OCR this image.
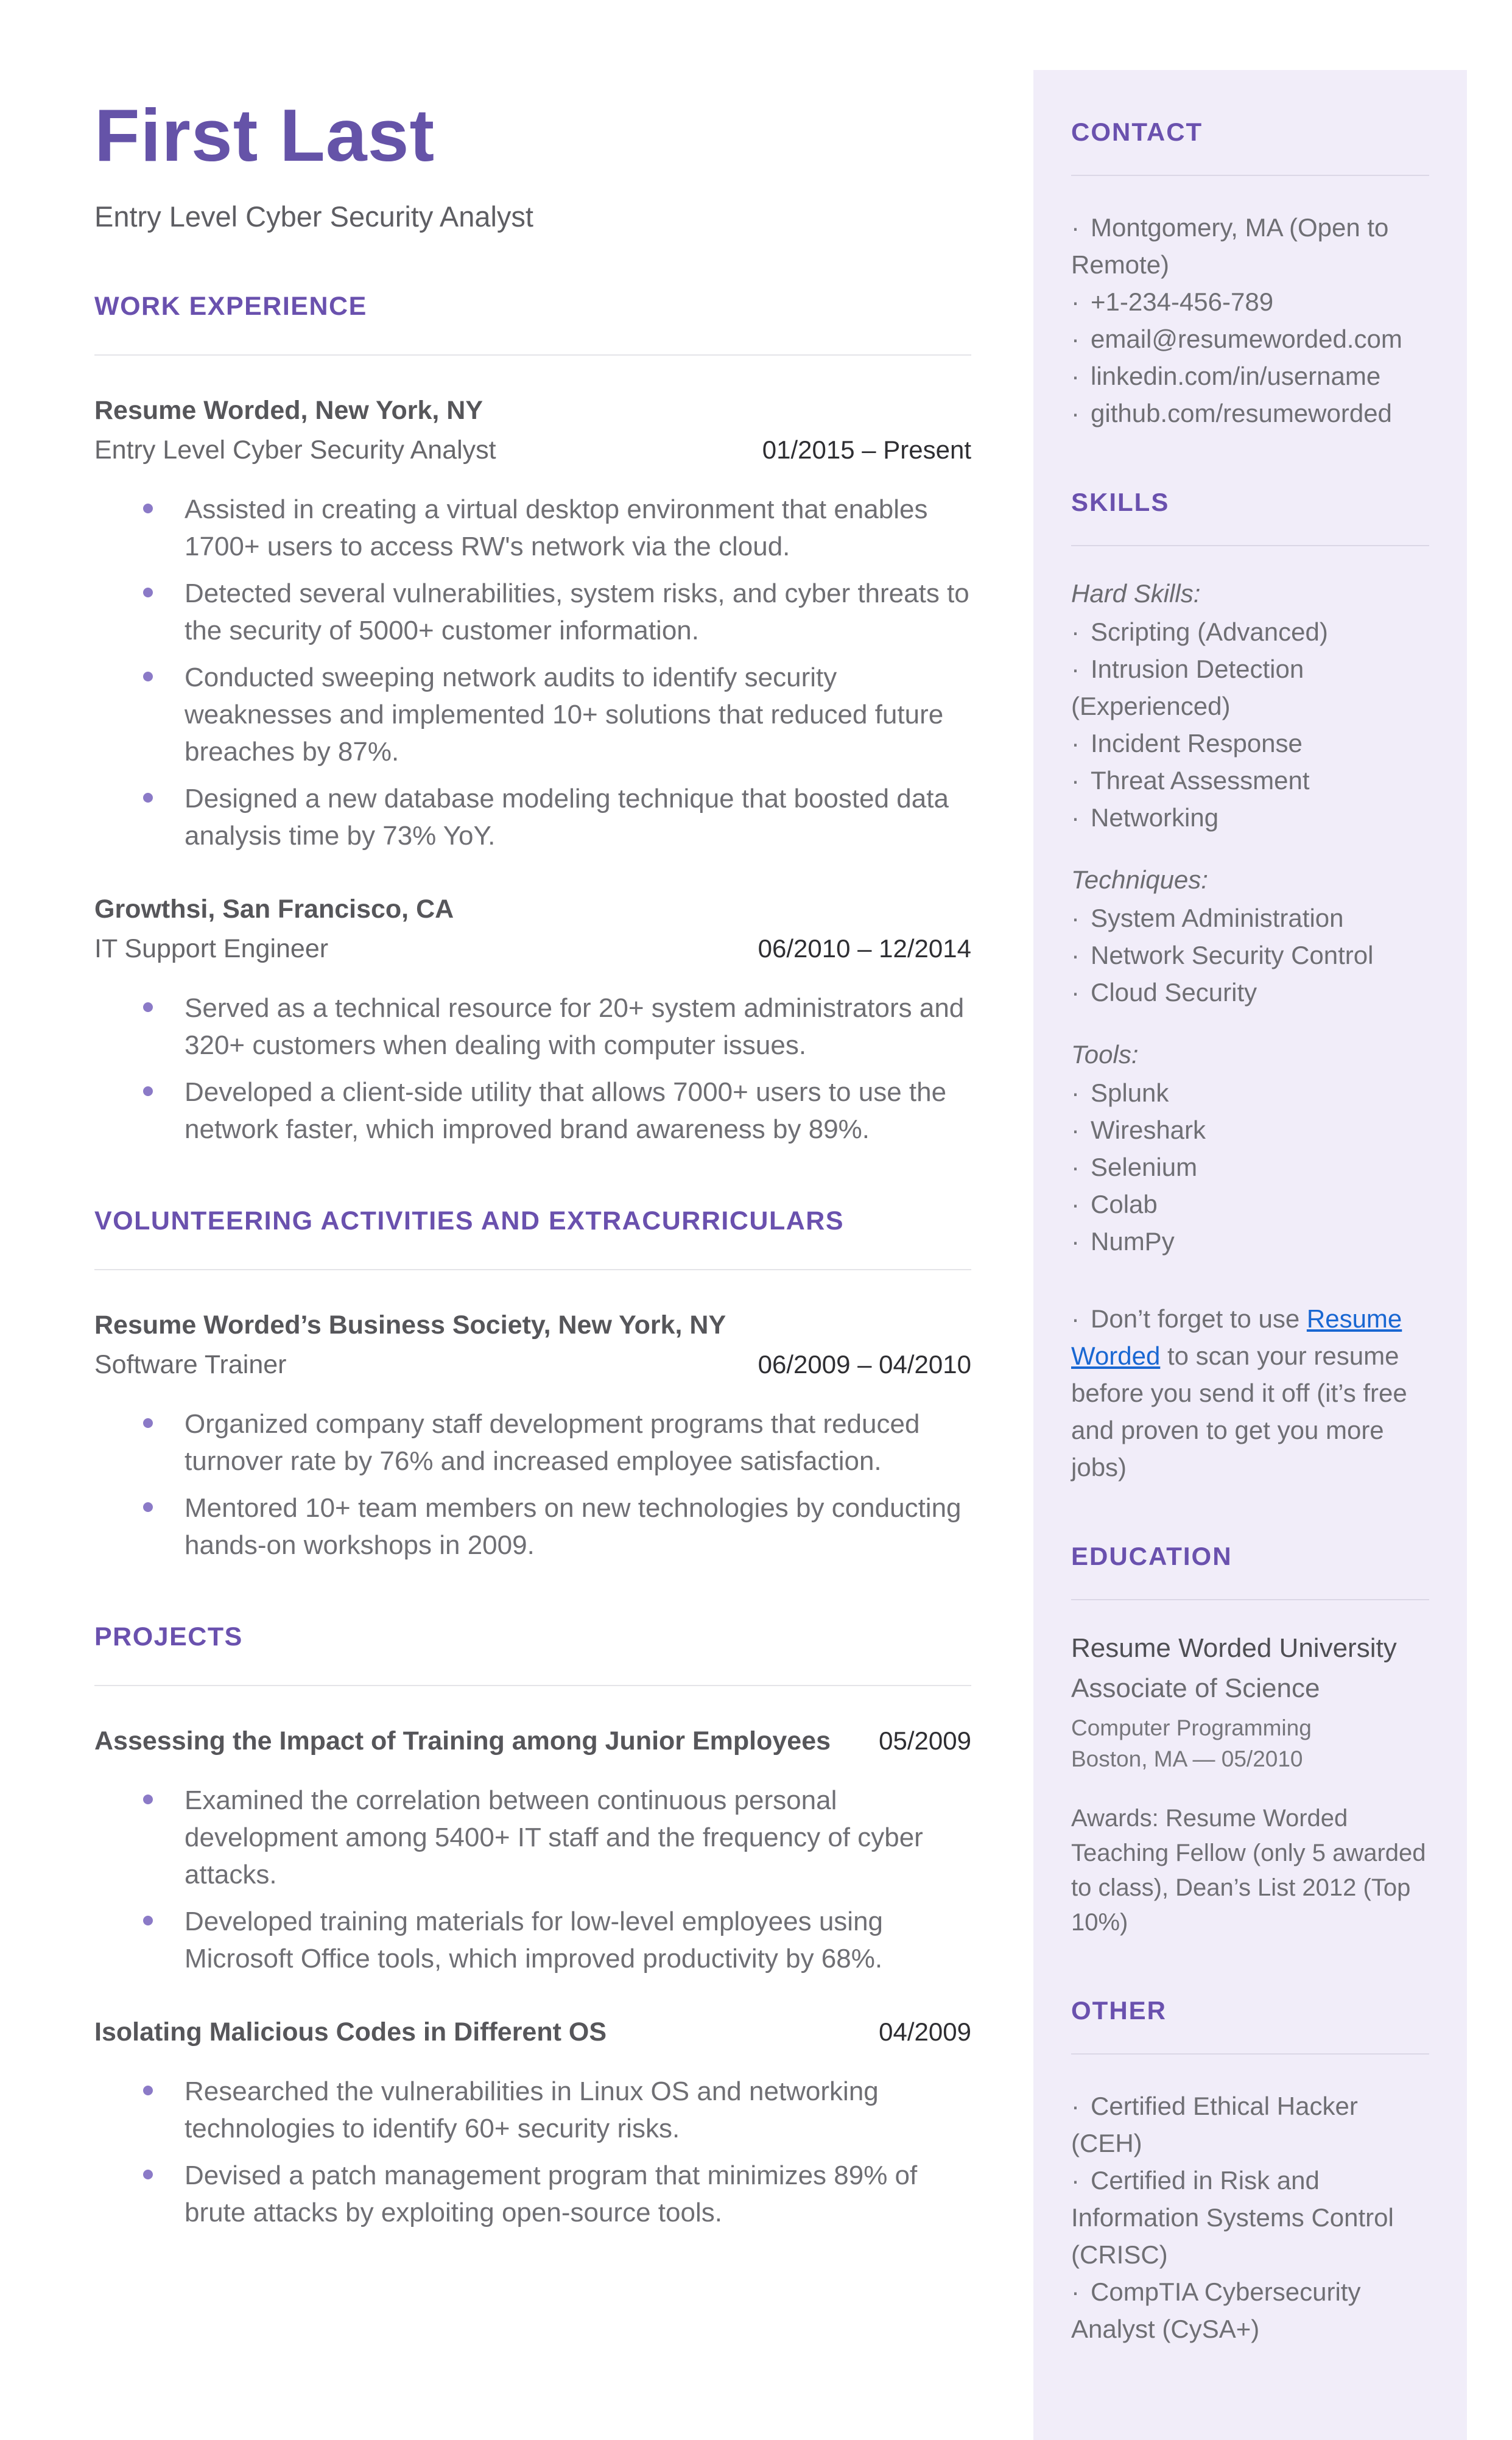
First Last
Entry Level Cyber Security Analyst
WORK EXPERIENCE
Resume Worded, New York, NY
Entry Level Cyber Security Analyst	01/2015 – Present
Assisted in creating a virtual desktop environment that enables 1700+ users to access RW's network via the cloud.
Detected several vulnerabilities, system risks, and cyber threats to the security of 5000+ customer information.
Conducted sweeping network audits to identify security weaknesses and implemented 10+ solutions that reduced future breaches by 87%.
Designed a new database modeling technique that boosted data analysis time by 73% YoY.
Growthsi, San Francisco, CA
IT Support Engineer	06/2010 – 12/2014
Served as a technical resource for 20+ system administrators and 320+ customers when dealing with computer issues.
Developed a client-side utility that allows 7000+ users to use the network faster, which improved brand awareness by 89%.
VOLUNTEERING ACTIVITIES AND EXTRACURRICULARS
Resume Worded’s Business Society, New York, NY
Software Trainer	06/2009 – 04/2010
Organized company staff development programs that reduced turnover rate by 76% and increased employee satisfaction.
Mentored 10+ team members on new technologies by conducting hands-on workshops in 2009.
PROJECTS
Assessing the Impact of Training among Junior Employees 05/2009
Examined the correlation between continuous personal development among 5400+ IT staff and the frequency of cyber attacks.
Developed training materials for low-level employees using Microsoft Office tools, which improved productivity by 68%.
Isolating Malicious Codes in Different OS	04/2009
Researched the vulnerabilities in Linux OS and networking technologies to identify 60+ security risks.
Devised a patch management program that minimizes 89% of brute attacks by exploiting open-source tools.
CONTACT
· Montgomery, MA (Open to Remote)
· +1-234-456-789
· email@resumeworded.com
· linkedin.com/in/username
· github.com/resumeworded
SKILLS
Hard Skills:
· Scripting (Advanced)
· Intrusion Detection (Experienced)
· Incident Response
· Threat Assessment
· Networking
Techniques:
· System Administration
· Network Security Control
· Cloud Security
Tools:
· Splunk
· Wireshark
· Selenium
· Colab
· NumPy
· Don’t forget to use Resume Worded to scan your resume before you send it off (it’s free and proven to get you more jobs)
EDUCATION
Resume Worded University
Associate of Science
Computer Programming
Boston, MA — 05/2010
Awards: Resume Worded Teaching Fellow (only 5 awarded to class), Dean’s List 2012 (Top 10%)
OTHER
· Certified Ethical Hacker (CEH)
· Certified in Risk and Information Systems Control (CRISC)
· CompTIA Cybersecurity Analyst (CySA+)
